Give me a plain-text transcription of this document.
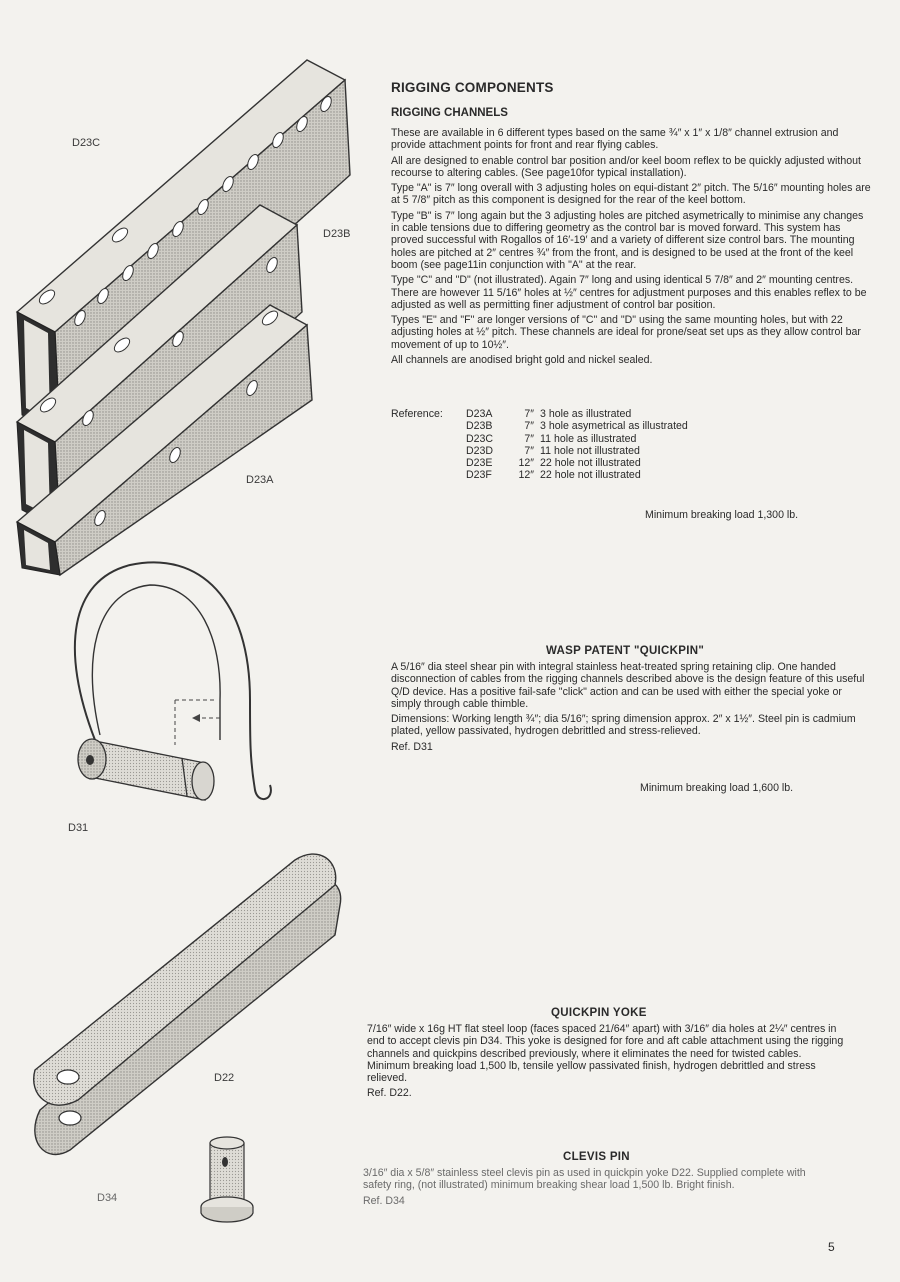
D23C
D23B
D23A
D31
D22
D34
RIGGING COMPONENTS
RIGGING CHANNELS

These are available in 6 different types based on the same ¾″ x 1″ x 1/8″ channel extrusion and provide attachment points for front and rear flying cables.

All are designed to enable control bar position and/or keel boom reflex to be quickly adjusted without recourse to altering cables. (See page10for typical installation).

Type "A" is 7″ long overall with 3 adjusting holes on equi-distant 2″ pitch. The 5/16″ mounting holes are at 5 7/8″ pitch as this component is designed for the rear of the keel bottom.

Type "B" is 7″ long again but the 3 adjusting holes are pitched asymetrically to minimise any changes in cable tensions due to differing geometry as the control bar is moved forward. This system has proved successful with Rogallos of 16′-19′ and a variety of different size control bars. The mounting holes are pitched at 2″ centres ¾″ from the front, and is designed to be used at the front of the keel boom (see page11in conjunction with "A" at the rear.

Type "C" and "D" (not illustrated). Again 7″ long and using identical 5 7/8″ and 2″ mounting centres. There are however 11 5/16″ holes at ½″ centres for adjustment purposes and this enables reflex to be adjusted as well as permitting finer adjustment of control bar position.

Types "E" and "F" are longer versions of "C" and "D" using the same mounting holes, but with 22 adjusting holes at ½″ pitch. These channels are ideal for prone/seat set ups as they allow control bar movement of up to 10½″.

All channels are anodised bright gold and nickel sealed.

Reference:	D23A	7″ 3 hole as illustrated
D23B	7″ 3 hole asymetrical as illustrated
D23C	7″ 11 hole as illustrated
D23D	7″ 11 hole not illustrated
D23E	12″ 22 hole not illustrated
D23F	12″ 22 hole not illustrated
Minimum breaking load 1,300 lb.
WASP PATENT "QUICKPIN"

A 5/16″ dia steel shear pin with integral stainless heat-treated spring retaining clip. One handed disconnection of cables from the rigging channels described above is the design feature of this useful Q/D device. Has a positive fail-safe "click" action and can be used with either the special yoke or simply through cable thimble.

Dimensions: Working length ¾″; dia 5/16″; spring dimension approx. 2″ x 1½″. Steel pin is cadmium plated, yellow passivated, hydrogen debrittled and stress-relieved.

Ref. D31

Minimum breaking load 1,600 lb.
QUICKPIN YOKE

7/16″ wide x 16g HT flat steel loop (faces spaced 21/64″ apart) with 3/16″ dia holes at 2¼″ centres in end to accept clevis pin D34. This yoke is designed for fore and aft cable attachment using the rigging channels and quickpins described previously, where it eliminates the need for twisted cables. Minimum breaking load 1,500 lb, tensile yellow passivated finish, hydrogen debrittled and stress relieved.

Ref. D22.

CLEVIS PIN

3/16″ dia x 5/8″ stainless steel clevis pin as used in quickpin yoke D22. Supplied complete with safety ring, (not illustrated) minimum breaking shear load 1,500 lb. Bright finish.

Ref. D34

5
